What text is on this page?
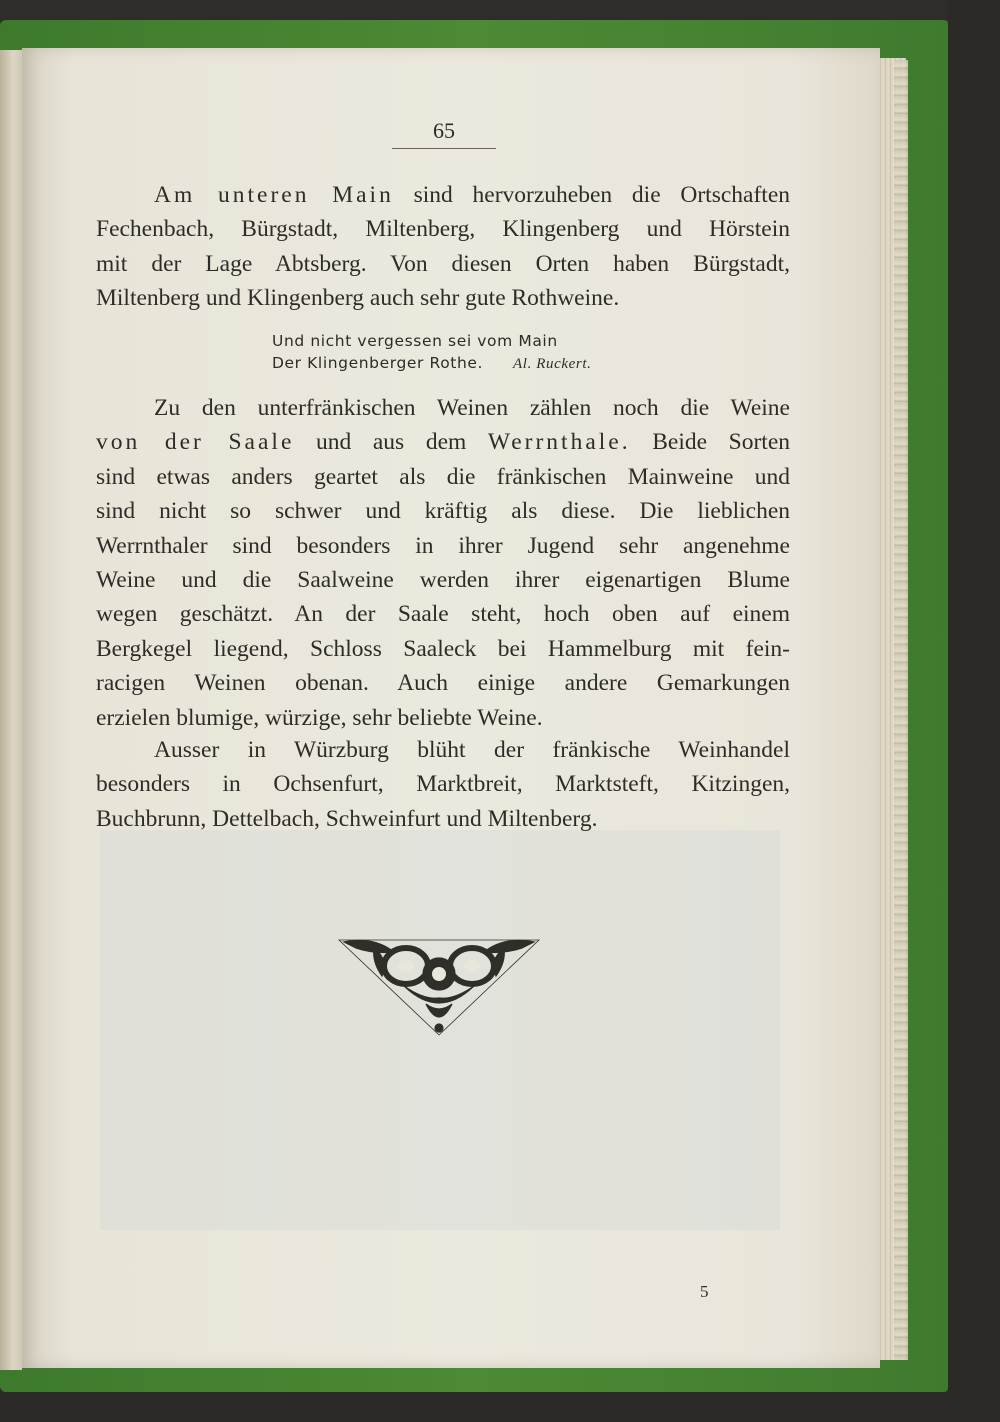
65
Am unteren Main sind hervorzuheben die Ortschaften
Fechenbach, Bürgstadt, Miltenberg, Klingenberg und Hörstein
mit der Lage Abtsberg. Von diesen Orten haben Bürgstadt,
Miltenberg und Klingenberg auch sehr gute Rothweine.
Und nicht vergessen sei vom Main
Der Klingenberger Rothe. Al. Ruckert.
Zu den unterfränkischen Weinen zählen noch die Weine
von der Saale und aus dem Werrnthale. Beide Sorten
sind etwas anders geartet als die fränkischen Mainweine und
sind nicht so schwer und kräftig als diese. Die lieblichen
Werrnthaler sind besonders in ihrer Jugend sehr angenehme
Weine und die Saalweine werden ihrer eigenartigen Blume
wegen geschätzt. An der Saale steht, hoch oben auf einem
Bergkegel liegend, Schloss Saaleck bei Hammelburg mit fein-
racigen Weinen obenan. Auch einige andere Gemarkungen
erzielen blumige, würzige, sehr beliebte Weine.
Ausser in Würzburg blüht der fränkische Weinhandel
besonders in Ochsenfurt, Marktbreit, Marktsteft, Kitzingen,
Buchbrunn, Dettelbach, Schweinfurt und Miltenberg.
5
